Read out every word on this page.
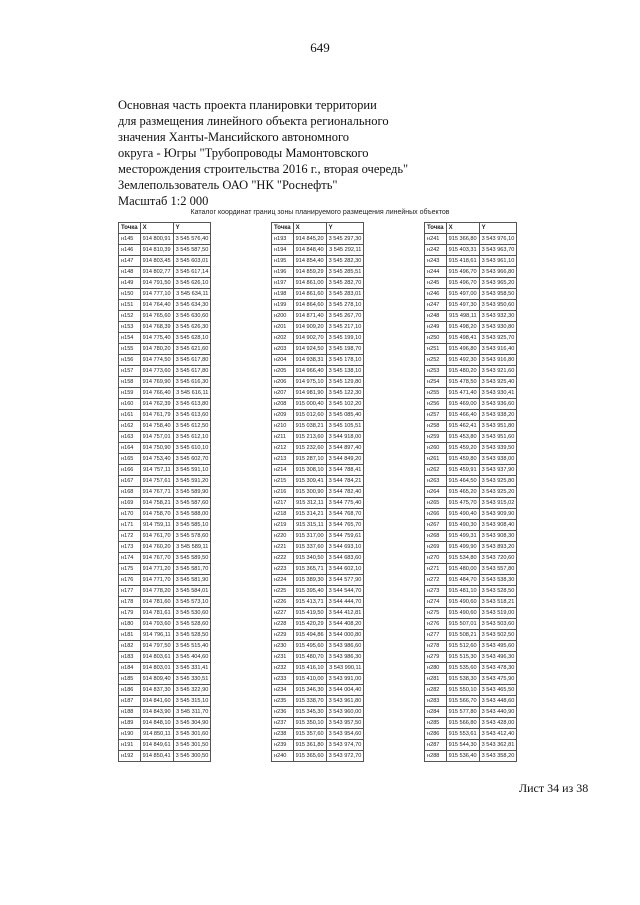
649
Основная часть проекта планировки территории
для размещения линейного объекта регионального
значения Ханты-Мансийского автономного
округа - Югры "Трубопроводы Мамонтовского
месторождения строительства 2016 г., вторая очередь"
Землепользователь ОАО "НК "Роснефть"
Масштаб 1:2 000
Каталог координат границ зоны планируемого размещения линейных объектов
Точка	X	Y
н145	914 800,91	3 545 576,40
н146	914 810,39	3 545 587,50
н147	914 803,45	3 545 603,01
н148	914 802,77	3 545 617,14
н149	914 791,50	3 545 626,10
н150	914 777,10	3 545 634,11
н151	914 764,40	3 545 634,30
н152	914 765,60	3 545 630,60
н153	914 768,39	3 545 626,30
н154	914 775,40	3 545 628,10
н155	914 780,20	3 545 621,60
н156	914 774,50	3 545 617,80
н157	914 773,60	3 545 617,80
н158	914 769,90	3 545 616,30
н159	914 766,40	3 545 616,11
н160	914 762,39	3 545 613,80
н161	914 761,79	3 545 613,60
н162	914 758,40	3 545 612,50
н163	914 757,01	3 545 612,10
н164	914 750,90	3 545 610,10
н165	914 753,40	3 545 602,70
н166	914 757,11	3 545 591,10
н167	914 757,61	3 545 591,20
н168	914 767,71	3 545 589,90
н169	914 758,21	3 545 587,60
н170	914 758,70	3 545 588,00
н171	914 759,11	3 545 585,10
н172	914 761,70	3 545 578,60
н173	914 760,20	3 545 589,11
н174	914 767,70	3 545 589,50
н175	914 771,20	3 545 581,70
н176	914 771,70	3 545 581,90
н177	914 778,20	3 545 584,01
н178	914 781,60	3 545 573,10
н179	914 781,61	3 545 530,60
н180	914 793,60	3 545 528,60
н181	914 796,11	3 545 528,50
н182	914 797,50	3 545 515,40
н183	914 803,61	3 545 404,60
н184	914 803,01	3 545 331,41
н185	914 809,40	3 545 330,51
н186	914 837,30	3 545 322,90
н187	914 841,60	3 545 315,10
н188	914 843,90	3 545 311,70
н189	914 848,10	3 545 304,90
н190	914 850,11	3 545 301,60
н191	914 849,61	3 545 301,50
н192	914 850,41	3 545 300,50
Точка	X	Y
н193	914 845,20	3 545 297,30
н194	914 848,40	3 545 292,11
н195	914 854,40	3 545 282,30
н196	914 859,29	3 545 285,51
н197	914 861,00	3 545 282,70
н198	914 861,60	3 545 283,01
н199	914 864,60	3 545 278,10
н200	914 871,40	3 545 267,70
н201	914 909,20	3 545 217,10
н202	914 902,70	3 545 199,10
н203	914 924,50	3 545 198,70
н204	914 938,31	3 545 178,10
н205	914 966,40	3 545 138,10
н206	914 975,10	3 545 129,80
н207	914 981,90	3 545 122,30
н208	915 000,40	3 545 102,20
н209	915 012,60	3 545 085,40
н210	915 038,21	3 545 105,51
н211	915 213,60	3 544 918,00
н212	915 232,60	3 544 897,40
н213	915 287,10	3 544 849,20
н214	915 308,10	3 544 788,41
н215	915 309,41	3 544 784,21
н216	915 300,90	3 544 782,40
н217	915 312,11	3 544 775,40
н218	915 314,21	3 544 768,70
н219	915 315,11	3 544 765,70
н220	915 317,00	3 544 759,61
н221	915 337,60	3 544 693,10
н222	915 340,50	3 544 683,60
н223	915 365,71	3 544 602,10
н224	915 389,30	3 544 577,90
н225	915 395,40	3 544 544,70
н226	915 413,71	3 544 444,70
н227	915 419,50	3 544 412,81
н228	915 420,29	3 544 408,20
н229	915 494,86	3 544 000,80
н230	915 495,60	3 543 986,60
н231	915 480,70	3 543 986,30
н232	915 416,10	3 543 990,11
н233	915 410,00	3 543 991,00
н234	915 346,30	3 544 004,40
н235	915 338,70	3 543 961,80
н236	915 345,30	3 543 960,00
н237	915 350,10	3 543 957,50
н238	915 357,60	3 543 954,60
н239	915 361,80	3 543 974,70
н240	915 365,60	3 543 972,70
Точка	X	Y
н241	915 366,80	3 543 976,10
н242	915 403,31	3 543 963,70
н243	915 418,61	3 543 961,10
н244	915 496,70	3 543 966,80
н245	915 496,70	3 543 965,20
н246	915 497,00	3 543 958,50
н247	915 497,30	3 543 950,60
н248	915 498,11	3 543 932,30
н249	915 498,20	3 543 930,80
н250	915 498,41	3 543 925,70
н251	915 496,80	3 543 916,40
н252	915 492,30	3 543 916,80
н253	915 480,20	3 543 921,60
н254	915 478,50	3 543 925,40
н255	915 471,40	3 543 930,41
н256	915 469,00	3 543 936,60
н257	915 466,40	3 543 938,20
н258	915 462,41	3 543 951,80
н259	915 453,80	3 543 951,60
н260	915 459,20	3 543 939,50
н261	915 459,80	3 543 938,00
н262	915 459,91	3 543 937,90
н263	915 464,50	3 543 925,80
н264	915 465,20	3 543 925,20
н265	915 475,70	3 543 915,02
н266	915 490,40	3 543 909,90
н267	915 490,30	3 543 908,40
н268	915 499,31	3 543 908,30
н269	915 499,90	3 543 893,20
н270	915 534,80	3 543 720,60
н271	915 480,00	3 543 557,80
н272	915 484,70	3 543 538,30
н273	915 481,10	3 543 528,50
н274	915 490,60	3 543 518,21
н275	915 490,60	3 543 519,00
н276	915 507,01	3 543 503,60
н277	915 508,21	3 543 502,50
н278	915 512,60	3 543 495,60
н279	915 515,30	3 543 496,30
н280	915 535,60	3 543 478,30
н281	915 538,30	3 543 475,90
н282	915 550,10	3 543 465,50
н283	915 566,70	3 543 448,60
н284	915 577,80	3 543 440,90
н285	915 566,80	3 543 428,00
н286	915 553,61	3 543 412,40
н287	915 544,30	3 543 362,81
н288	915 536,40	3 543 358,20
Лист 34 из 38
